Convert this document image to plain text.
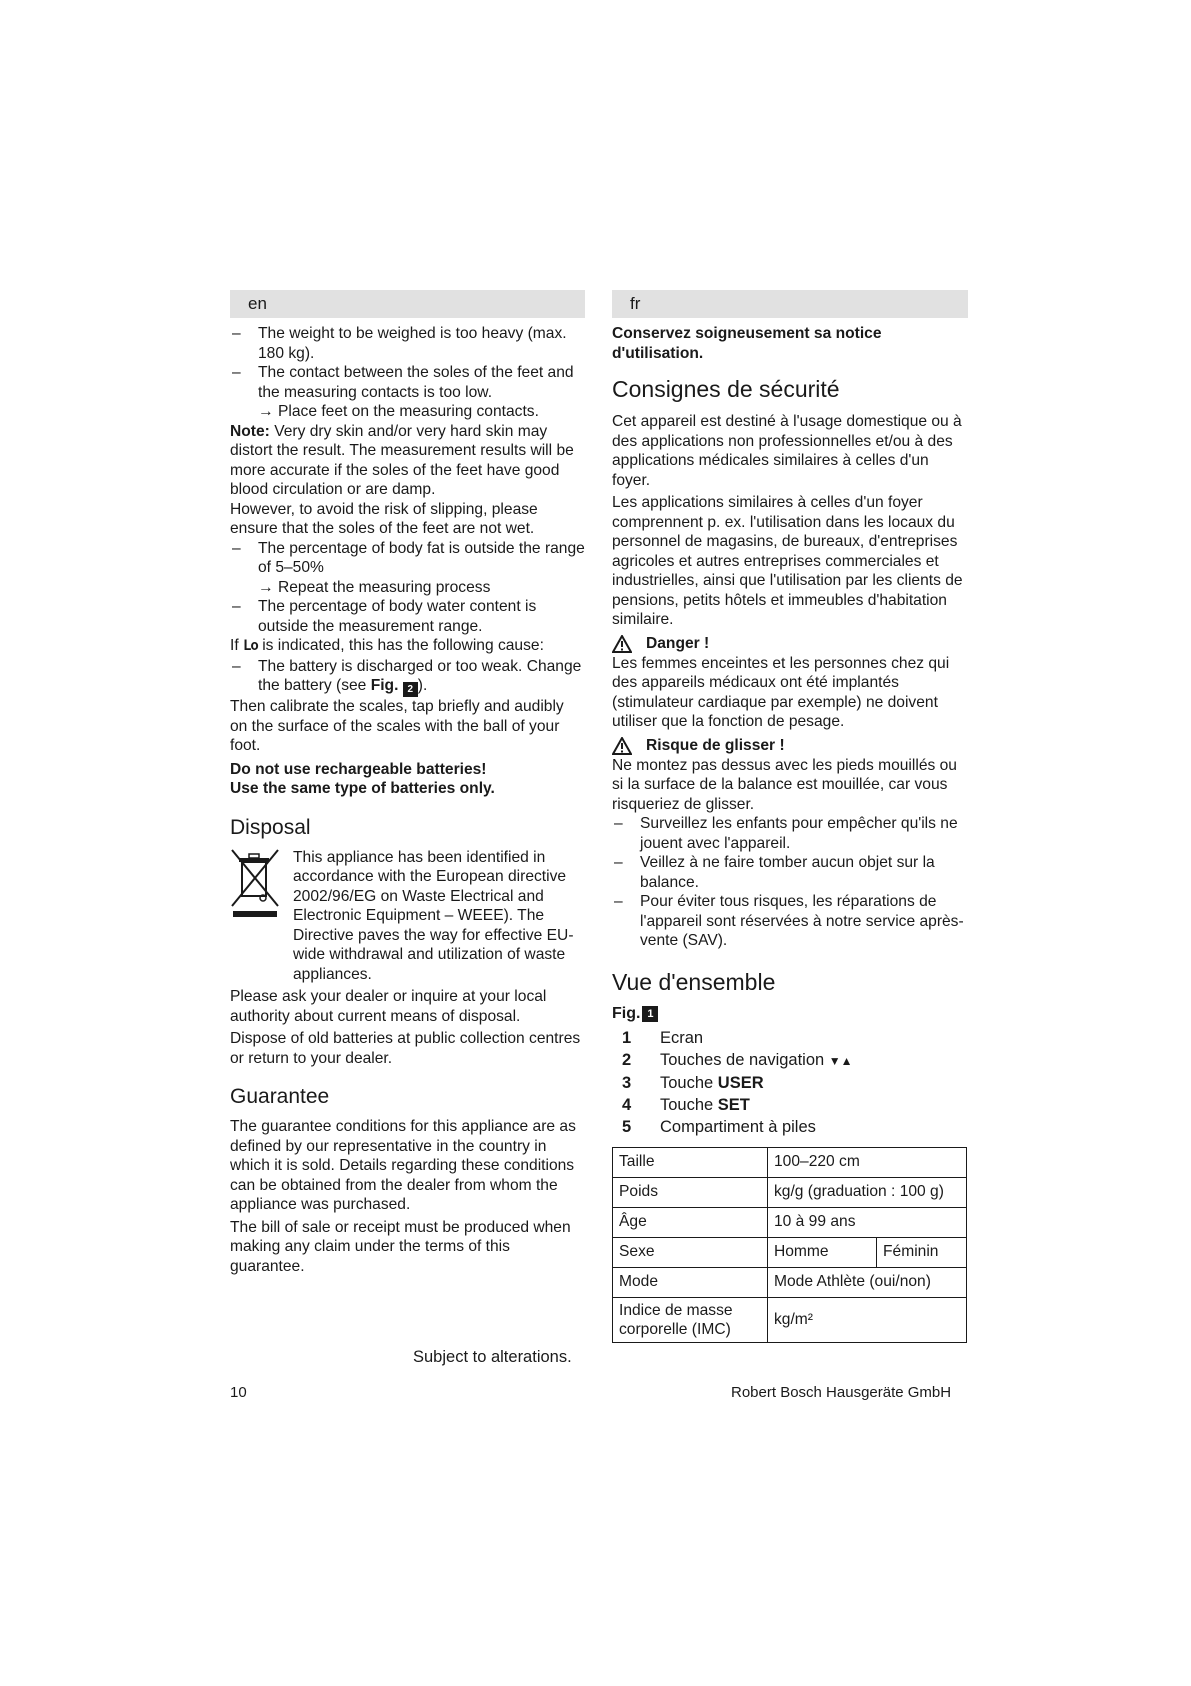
en

– The weight to be weighed is too heavy (max. 180 kg).

– The contact between the soles of the feet and the measuring contacts is too low.

→ Place feet on the measuring contacts.

Note: Very dry skin and/or very hard skin may distort the result. The measurement results will be more accurate if the soles of the feet have good blood circulation or are damp.

However, to avoid the risk of slipping, please ensure that the soles of the feet are not wet.

– The percentage of body fat is outside the range of 5–50%

→ Repeat the measuring process

– The percentage of body water content is outside the measurement range.

If Lo is indicated, this has the following cause:

– The battery is discharged or too weak. Change the battery (see Fig. 2 ).

Then calibrate the scales, tap briefly and audibly on the surface of the scales with the ball of your foot.

Do not use rechargeable batteries!

Use the same type of batteries only.

Disposal
This appliance has been identified in accordance with the European directive 2002/96/EG on Waste Electrical and Electronic Equipment – WEEE). The Directive paves the way for effective EU-wide withdrawal and utilization of waste appliances.

Please ask your dealer or inquire at your local authority about current means of disposal.

Dispose of old batteries at public collection centres or return to your dealer.

Guarantee

The guarantee conditions for this appliance are as defined by our representative in the country in which it is sold. Details regarding these conditions can be obtained from the dealer from whom the appliance was purchased.

The bill of sale or receipt must be produced when making any claim under the terms of this guarantee.

fr

Conservez soigneusement sa notice d'utilisation.

Consignes de sécurité

Cet appareil est destiné à l'usage domestique ou à des applications non professionnelles et/ou à des applications médicales similaires à celles d'un foyer.

Les applications similaires à celles d'un foyer comprennent p. ex. l'utilisation dans les locaux du personnel de magasins, de bureaux, d'entreprises agricoles et autres entreprises commerciales et industrielles, ainsi que l'utilisation par les clients de pensions, petits hôtels et immeubles d'habitation similaire.

Danger !

Les femmes enceintes et les personnes chez qui des appareils médicaux ont été implantés (stimulateur cardiaque par exemple) ne doivent utiliser que la fonction de pesage.

Risque de glisser !

Ne montez pas dessus avec les pieds mouillés ou si la surface de la balance est mouillée, car vous risqueriez de glisser.

– Surveillez les enfants pour empêcher qu'ils ne jouent avec l'appareil.

– Veillez à ne faire tomber aucun objet sur la balance.

– Pour éviter tous risques, les réparations de l'appareil sont réservées à notre service après-vente (SAV).

Vue d'ensemble
Fig. 1
1	Ecran
2	Touches de navigation ▼▲
3	Touche USER
4	Touche SET
5	Compartiment à piles
Taille	100–220 cm	
Poids	kg/g (graduation : 100 g)	
Âge	10 à 99 ans	
Sexe	Homme	Féminin
Mode	Mode Athlète (oui/non)	
Indice de masse corporelle (IMC)	kg/m²	
Subject to alterations.
10	Robert Bosch Hausgeräte GmbH
